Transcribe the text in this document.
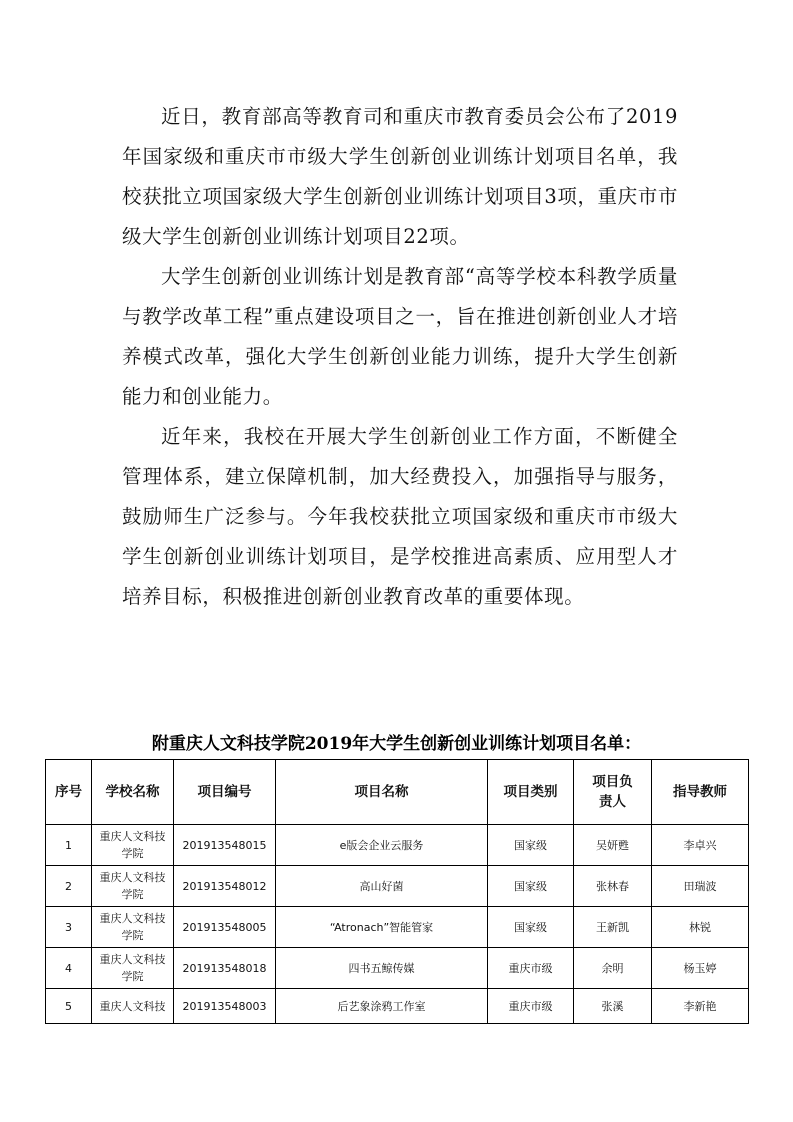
近日，教育部高等教育司和重庆市教育委员会公布了2019年国家级和重庆市市级大学生创新创业训练计划项目名单，我校获批立项国家级大学生创新创业训练计划项目3项，重庆市市级大学生创新创业训练计划项目22项。

大学生创新创业训练计划是教育部“高等学校本科教学质量与教学改革工程”重点建设项目之一，旨在推进创新创业人才培养模式改革，强化大学生创新创业能力训练，提升大学生创新能力和创业能力。

近年来，我校在开展大学生创新创业工作方面，不断健全管理体系，建立保障机制，加大经费投入，加强指导与服务，鼓励师生广泛参与。今年我校获批立项国家级和重庆市市级大学生创新创业训练计划项目，是学校推进高素质、应用型人才培养目标，积极推进创新创业教育改革的重要体现。

附重庆人文科技学院2019年大学生创新创业训练计划项目名单：
序号	学校名称	项目编号	项目名称	项目类别	项目负责人	指导教师
1	重庆人文科技学院	201913548015	e版会企业云服务	国家级	吴妍甦	李卓兴
2	重庆人文科技学院	201913548012	高山好菌	国家级	张林春	田瑞波
3	重庆人文科技学院	201913548005	“Atronach”智能管家	国家级	王新凯	林锐
4	重庆人文科技学院	201913548018	四书五鲸传媒	重庆市级	余明	杨玉婷
5	重庆人文科技	201913548003	后艺象涂鸦工作室	重庆市级	张溪	李新艳
